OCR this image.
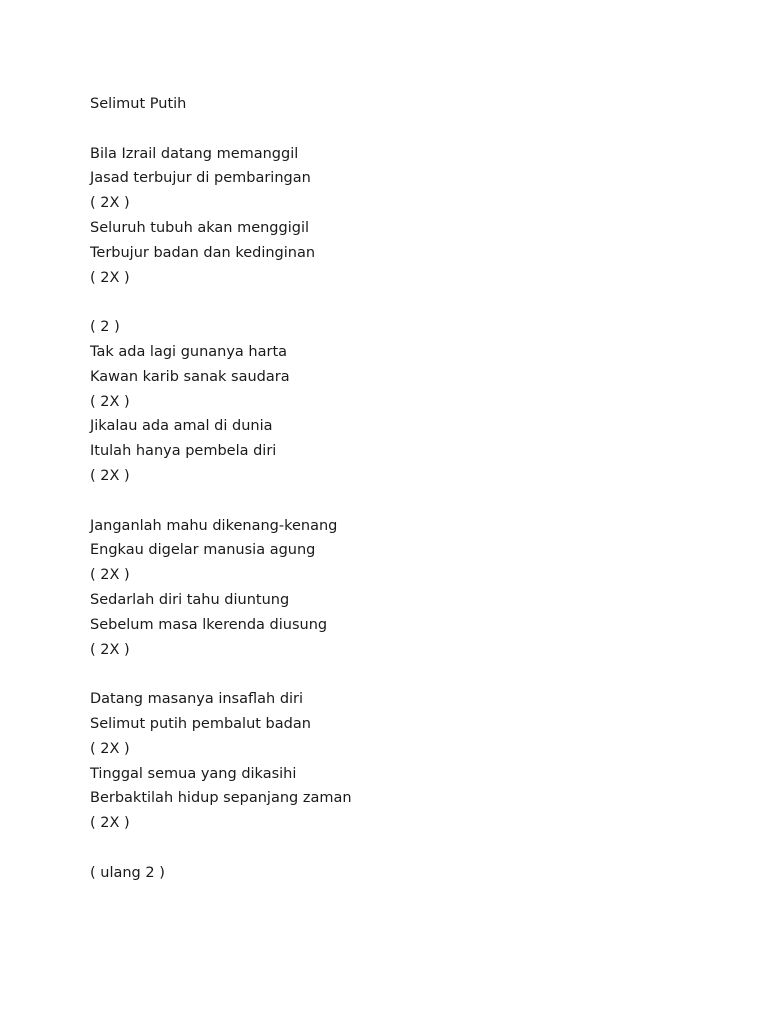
Selimut Putih
Bila Izrail datang memanggil
Jasad terbujur di pembaringan
( 2X )
Seluruh tubuh akan menggigil
Terbujur badan dan kedinginan
( 2X )
( 2 )
Tak ada lagi gunanya harta
Kawan karib sanak saudara
( 2X )
Jikalau ada amal di dunia
Itulah hanya pembela diri
( 2X )
Janganlah mahu dikenang-kenang
Engkau digelar manusia agung
( 2X )
Sedarlah diri tahu diuntung
Sebelum masa lkerenda diusung
( 2X )
Datang masanya insaflah diri
Selimut putih pembalut badan
( 2X )
Tinggal semua yang dikasihi
Berbaktilah hidup sepanjang zaman
( 2X )
( ulang 2 )
